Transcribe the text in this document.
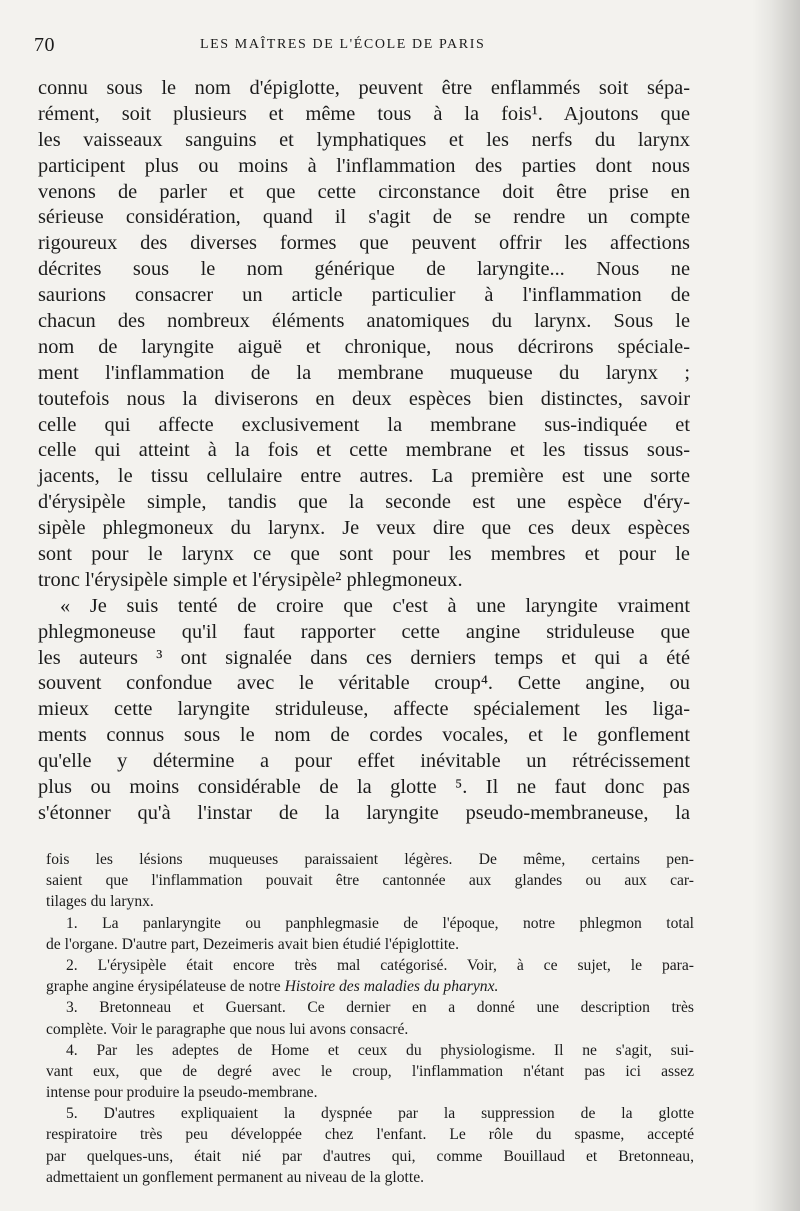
70	LES MAÎTRES DE L'ÉCOLE DE PARIS
connu sous le nom d'épiglotte, peuvent être enflammés soit sépa-
rément, soit plusieurs et même tous à la fois¹. Ajoutons que
les vaisseaux sanguins et lymphatiques et les nerfs du larynx
participent plus ou moins à l'inflammation des parties dont nous
venons de parler et que cette circonstance doit être prise en
sérieuse considération, quand il s'agit de se rendre un compte
rigoureux des diverses formes que peuvent offrir les affections
décrites sous le nom générique de laryngite... Nous ne
saurions consacrer un article particulier à l'inflammation de
chacun des nombreux éléments anatomiques du larynx. Sous le
nom de laryngite aiguë et chronique, nous décrirons spéciale-
ment l'inflammation de la membrane muqueuse du larynx ;
toutefois nous la diviserons en deux espèces bien distinctes, savoir
celle qui affecte exclusivement la membrane sus-indiquée et
celle qui atteint à la fois et cette membrane et les tissus sous-
jacents, le tissu cellulaire entre autres. La première est une sorte
d'érysipèle simple, tandis que la seconde est une espèce d'éry-
sipèle phlegmoneux du larynx. Je veux dire que ces deux espèces
sont pour le larynx ce que sont pour les membres et pour le
tronc l'érysipèle simple et l'érysipèle² phlegmoneux.
« Je suis tenté de croire que c'est à une laryngite vraiment
phlegmoneuse qu'il faut rapporter cette angine striduleuse que
les auteurs ³ ont signalée dans ces derniers temps et qui a été
souvent confondue avec le véritable croup⁴. Cette angine, ou
mieux cette laryngite striduleuse, affecte spécialement les liga-
ments connus sous le nom de cordes vocales, et le gonflement
qu'elle y détermine a pour effet inévitable un rétrécissement
plus ou moins considérable de la glotte ⁵. Il ne faut donc pas
s'étonner qu'à l'instar de la laryngite pseudo-membraneuse, la
fois les lésions muqueuses paraissaient légères. De même, certains pen-
saient que l'inflammation pouvait être cantonnée aux glandes ou aux car-
tilages du larynx.
1. La panlaryngite ou panphlegmasie de l'époque, notre phlegmon total
de l'organe. D'autre part, Dezeimeris avait bien étudié l'épiglottite.
2. L'érysipèle était encore très mal catégorisé. Voir, à ce sujet, le para-
graphe angine érysipélateuse de notre Histoire des maladies du pharynx.
3. Bretonneau et Guersant. Ce dernier en a donné une description très
complète. Voir le paragraphe que nous lui avons consacré.
4. Par les adeptes de Home et ceux du physiologisme. Il ne s'agit, sui-
vant eux, que de degré avec le croup, l'inflammation n'étant pas ici assez
intense pour produire la pseudo-membrane.
5. D'autres expliquaient la dyspnée par la suppression de la glotte
respiratoire très peu développée chez l'enfant. Le rôle du spasme, accepté
par quelques-uns, était nié par d'autres qui, comme Bouillaud et Bretonneau,
admettaient un gonflement permanent au niveau de la glotte.
